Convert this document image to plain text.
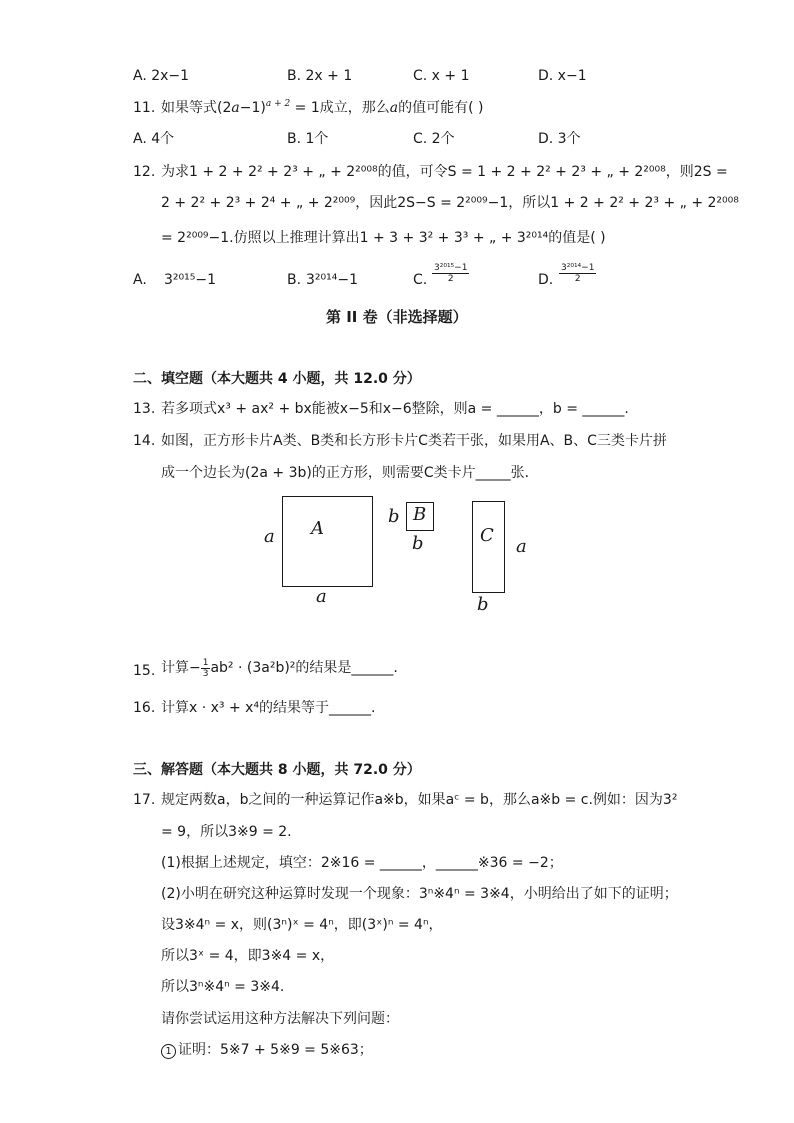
A. 2x−1	B. 2x + 1	C. x + 1	D. x−1
11. 如果等式$(2a-1)^{a + 2} = 1$成立，那么a的值可能有( )
A. 4个	B. 1个	C. 2个	D. 3个
12. 为求1 + 2 + 2² + 2³ + „ + 2²⁰⁰⁸的值，可令S = 1 + 2 + 2² + 2³ + „ + 2²⁰⁰⁸，则2S =
2 + 2² + 2³ + 2⁴ + „ + 2²⁰⁰⁹，因此2S−S = 2²⁰⁰⁹−1，所以1 + 2 + 2² + 2³ + „ + 2²⁰⁰⁸
= 2²⁰⁰⁹−1.仿照以上推理计算出1 + 3 + 3² + 3³ + „ + 3²⁰¹⁴的值是( )
A. 3²⁰¹⁵−1	B. 3²⁰¹⁴−1	C. $\frac{\text{3²⁰¹⁵−1}}{2}$	D. $\frac{\text{3²⁰¹⁴−1}}{2}$
第 II 卷（非选择题）
二、填空题（本大题共 4 小题，共 12.0 分）
13. 若多项式x³ + ax² + bx能被x−5和x−6整除，则a = ______，b = ______.
14. 如图，正方形卡片A类、B类和长方形卡片C类若干张，如果用A、B、C三类卡片拼
成一个边长为(2a + 3b)的正方形，则需要C类卡片_____张.
A
a
a
B
b
b	C
a
b
15. 计算− $\frac{1}{3} ab^2 \cdot (3a^2b)^2$的结果是______.
16. 计算x · x³ + x⁴的结果等于______.
三、解答题（本大题共 8 小题，共 72.0 分）
17. 规定两数a，b之间的一种运算记作a※b，如果aᶜ = b，那么a※b = c.例如：因为3²
= 9，所以3※9 = 2.
(1)根据上述规定，填空：2※16 = ______，______※36 = −2；
(2)小明在研究这种运算时发现一个现象：3ⁿ※4ⁿ = 3※4，小明给出了如下的证明；
设3※4ⁿ = x，则(3ⁿ)ˣ = 4ⁿ，即(3ˣ)ⁿ = 4ⁿ，
所以3ˣ = 4，即3※4 = x，
所以3ⁿ※4ⁿ = 3※4.
请你尝试运用这种方法解决下列问题：
1 证明：5※7 + 5※9 = 5※63；
